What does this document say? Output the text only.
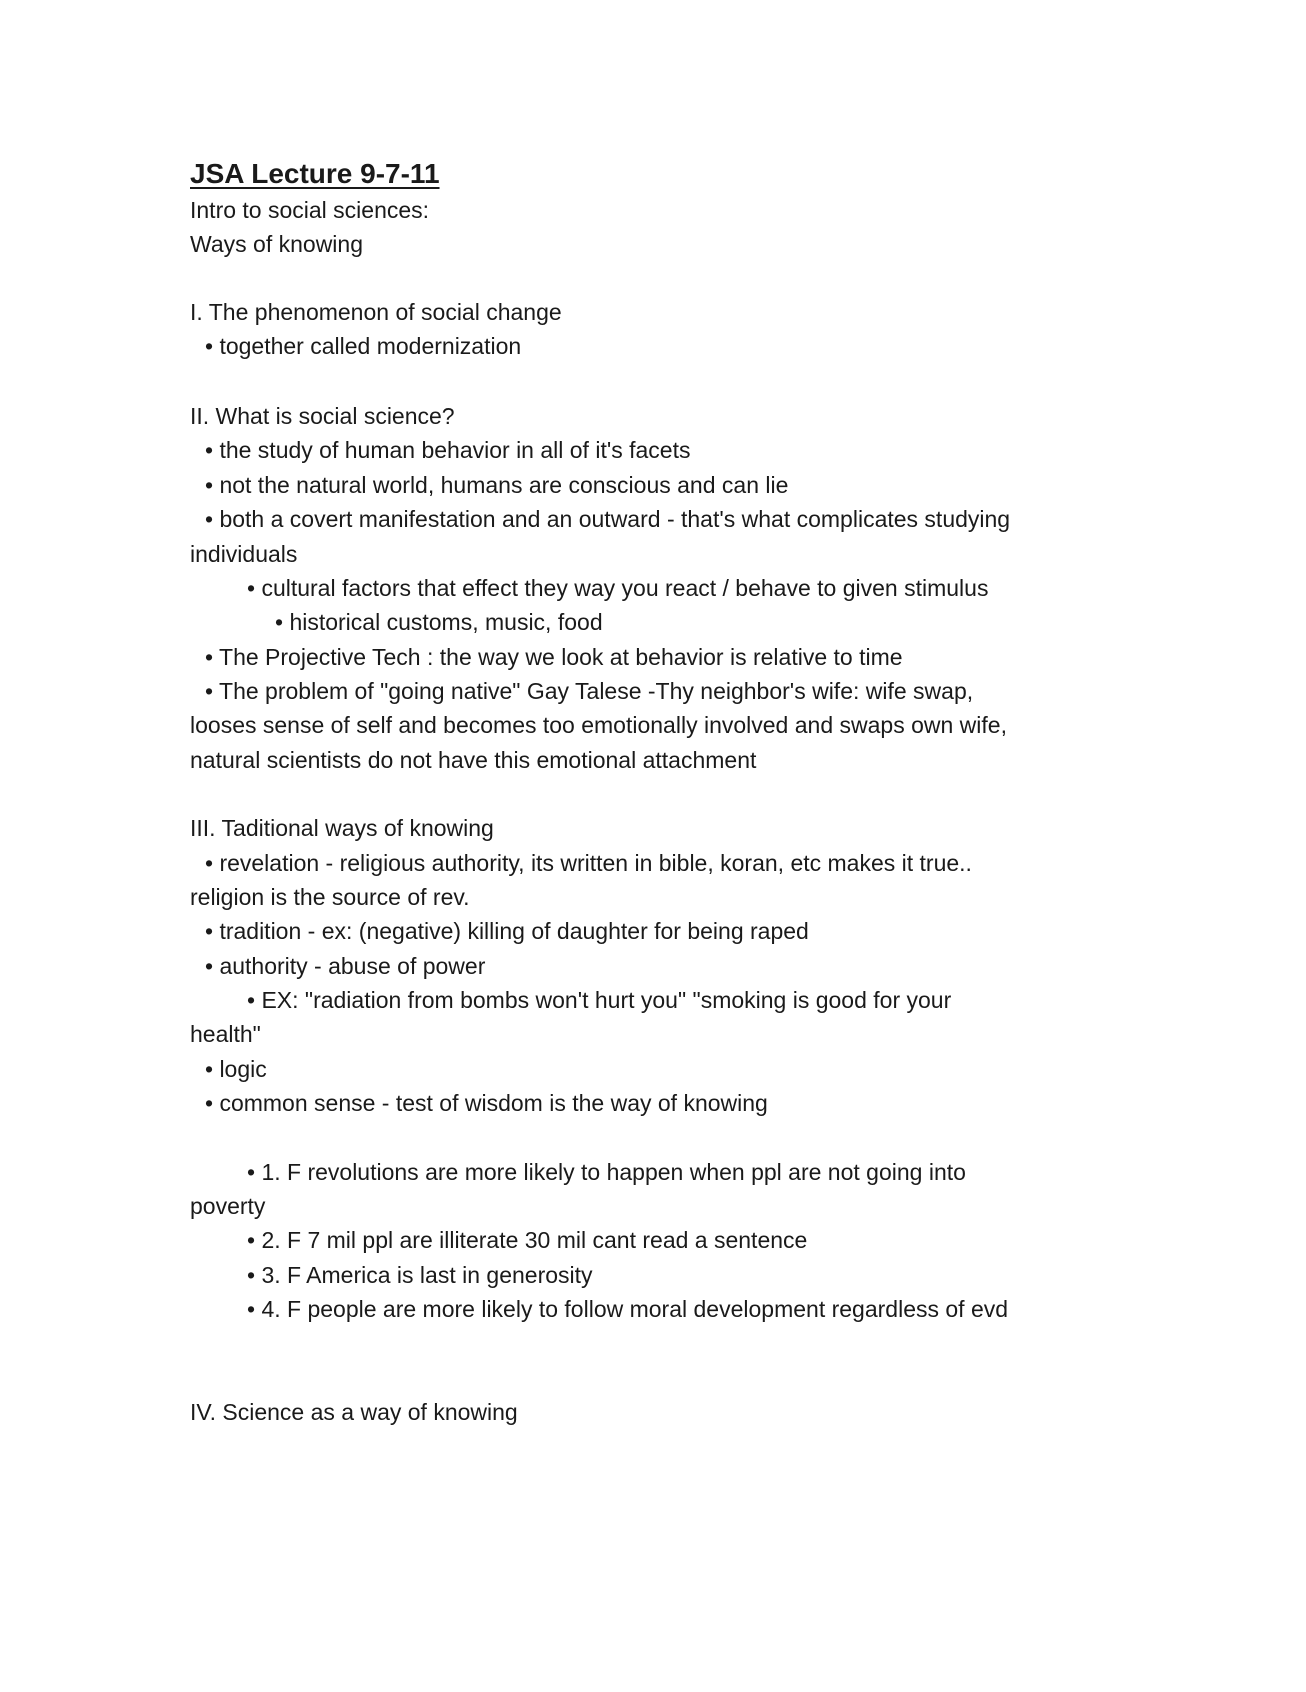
JSA Lecture 9-7-11
Intro to social sciences:
Ways of knowing
I. The phenomenon of social change
• together called modernization
II. What is social science?
• the study of human behavior in all of it's facets
• not the natural world, humans are conscious and can lie
• both a covert manifestation and an outward - that's what complicates studying
individuals
• cultural factors that effect they way you react / behave to given stimulus
• historical customs, music, food
• The Projective Tech : the way we look at behavior is relative to time
• The problem of "going native" Gay Talese -Thy neighbor's wife: wife swap,
looses sense of self and becomes too emotionally involved and swaps own wife,
natural scientists do not have this emotional attachment
III. Taditional ways of knowing
• revelation - religious authority, its written in bible, koran, etc makes it true..
religion is the source of rev.
• tradition - ex: (negative) killing of daughter for being raped
• authority - abuse of power
• EX: "radiation from bombs won't hurt you" "smoking is good for your
health"
• logic
• common sense - test of wisdom is the way of knowing
• 1. F revolutions are more likely to happen when ppl are not going into
poverty
• 2. F 7 mil ppl are illiterate 30 mil cant read a sentence
• 3. F America is last in generosity
• 4. F people are more likely to follow moral development regardless of evd
IV. Science as a way of knowing
